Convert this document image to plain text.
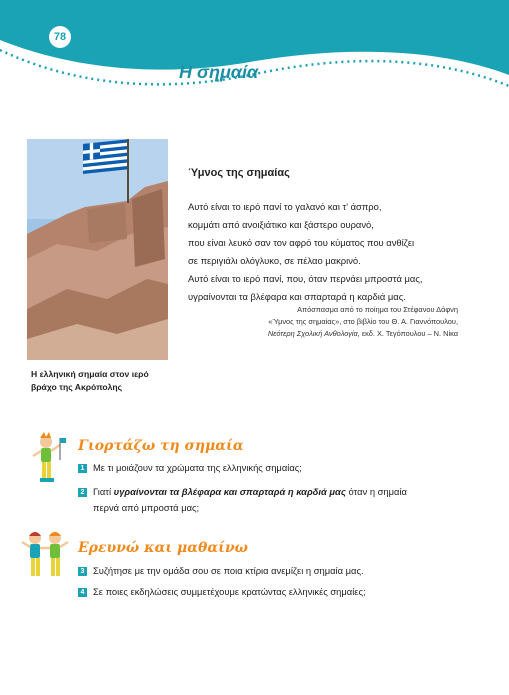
78
Η σημαία
Η ελληνική σημαία στον ιερό
βράχο της Ακρόπολης
Ύμνος της σημαίας
Αυτό είναι το ιερό πανί το γαλανό και τ' άσπρο,
κομμάτι από ανοιξιάτικο και ξάστερο ουρανό,
που είναι λευκό σαν τον αφρό του κύματος που ανθίζει
σε περιγιάλι ολόγλυκο, σε πέλαο μακρινό.
Αυτό είναι το ιερό πανί, που, όταν περνάει μπροστά μας,
υγραίνονται τα βλέφαρα και σπαρταρά η καρδιά μας.
Απόσπασμα από το ποίημα του Στέφανου Δάφνη
«Ύμνος της σημαίας», στο βιβλίο του Θ. Α. Γιαννόπουλου,
Νεότερη Σχολική Ανθολογία, εκδ. Χ. Τεγόπουλου – Ν. Νίκα
Γιορτάζω τη σημαία
1 Με τι μοιάζουν τα χρώματα της ελληνικής σημαίας;
2 Γιατί υγραίνονται τα βλέφαρα και σπαρταρά η καρδιά μας όταν η σημαία
περνά από μπροστά μας;
Ερευνώ και μαθαίνω
3 Συζήτησε με την ομάδα σου σε ποια κτίρια ανεμίζει η σημαία μας.
4 Σε ποιες εκδηλώσεις συμμετέχουμε κρατώντας ελληνικές σημαίες;
